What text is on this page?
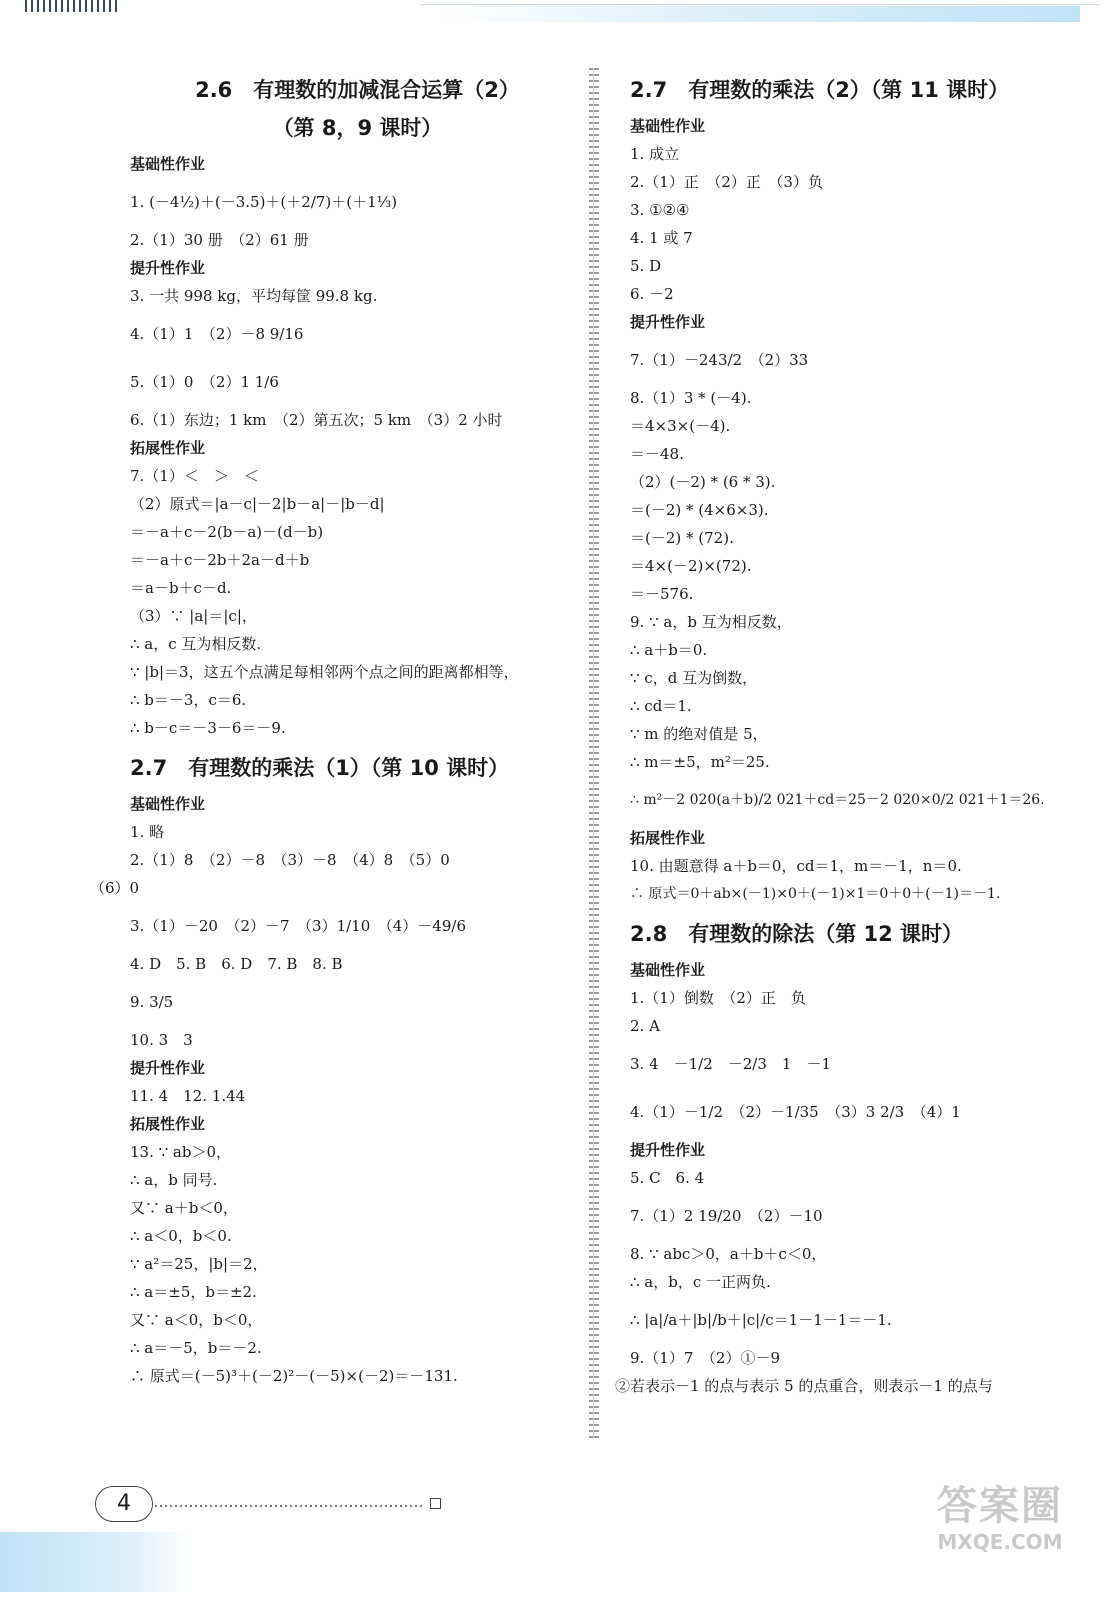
2.6　有理数的加减混合运算（2）
（第 8，9 课时）
基础性作业
1. (－4½)＋(－3.5)＋(＋2/7)＋(＋1⅓)
2.（1）30 册　（2）61 册
提升性作业
3. 一共 998 kg，平均每筐 99.8 kg.
4.（1）1　（2）－8 9/16
5.（1）0　（2）1 1/6
6.（1）东边；1 km　（2）第五次；5 km　（3）2 小时
拓展性作业
7.（1）＜　＞　＜
（2）原式＝|a－c|－2|b－a|－|b－d|
＝－a＋c－2(b－a)－(d－b)
＝－a＋c－2b＋2a－d＋b
＝a－b＋c－d.
（3）∵ |a|＝|c|，
∴ a，c 互为相反数.
∵ |b|＝3，这五个点满足每相邻两个点之间的距离都相等，
∴ b＝－3，c＝6.
∴ b－c＝－3－6＝－9.
2.7　有理数的乘法（1）（第 10 课时）
基础性作业
1. 略
2.（1）8　（2）－8　（3）－8　（4）8　（5）0
（6）0
3.（1）－20　（2）－7　（3）1/10　（4）－49/6
4. D　5. B　6. D　7. B　8. B
9. 3/5
10. 3　3
提升性作业
11. 4　12. 1.44
拓展性作业
13. ∵ ab＞0，
∴ a，b 同号.
又∵ a＋b＜0，
∴ a＜0，b＜0.
∵ a²＝25，|b|＝2，
∴ a＝±5，b＝±2.
又∵ a＜0，b＜0，
∴ a＝－5，b＝－2.
∴ 原式＝(－5)³＋(－2)²－(－5)×(－2)＝－131.
2.7　有理数的乘法（2）（第 11 课时）
基础性作业
1. 成立
2.（1）正　（2）正　（3）负
3. ①②④
4. 1 或 7
5. D
6. －2
提升性作业
7.（1）－243/2　（2）33
8.（1）3 * (－4).
＝4×3×(－4).
＝－48.
（2）(－2) * (6 * 3).
＝(－2) * (4×6×3).
＝(－2) * (72).
＝4×(－2)×(72).
＝－576.
9. ∵ a，b 互为相反数，
∴ a＋b＝0.
∵ c，d 互为倒数，
∴ cd＝1.
∵ m 的绝对值是 5，
∴ m＝±5，m²＝25.
∴ m²－2 020(a＋b)/2 021＋cd＝25－2 020×0/2 021＋1＝26.
拓展性作业
10. 由题意得 a＋b＝0，cd＝1，m＝－1，n＝0.
∴ 原式＝0＋ab×(－1)×0＋(－1)×1＝0＋0＋(－1)＝－1.
2.8　有理数的除法（第 12 课时）
基础性作业
1.（1）倒数　（2）正　负
2. A
3. 4　－1/2　－2/3　1　－1
4.（1）－1/2　（2）－1/35　（3）3 2/3　（4）1
提升性作业
5. C　6. 4
7.（1）2 19/20　（2）－10
8. ∵ abc＞0，a＋b＋c＜0，
∴ a，b，c 一正两负.
∴ |a|/a＋|b|/b＋|c|/c＝1－1－1＝－1.
9.（1）7　（2）①－9
②若表示－1 的点与表示 5 的点重合，则表示－1 的点与
4	答案圈
MXQE.COM
